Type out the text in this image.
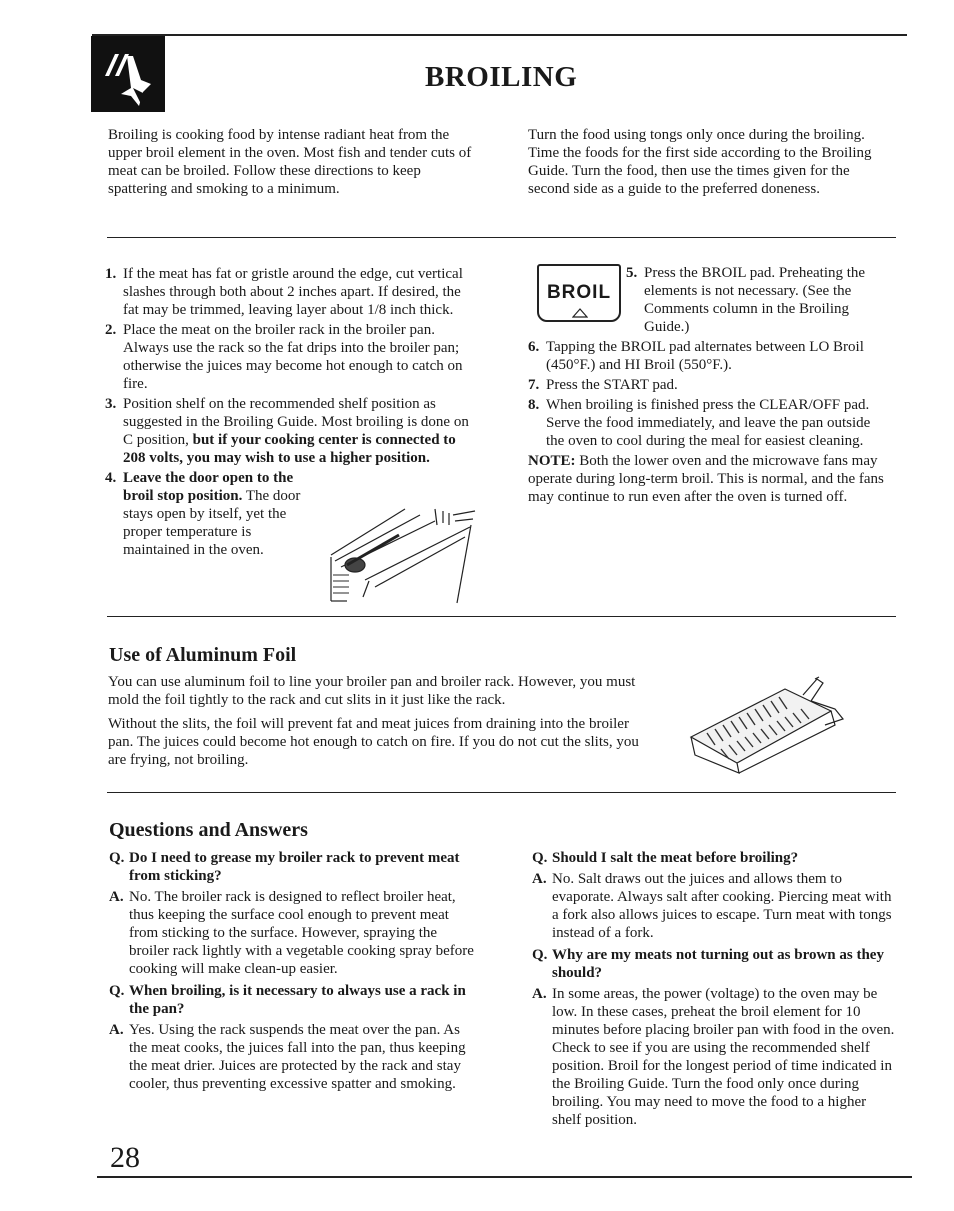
BROILING

Broiling is cooking food by intense radiant heat from the upper broil element in the oven. Most fish and tender cuts of meat can be broiled. Follow these directions to keep spattering and smoking to a minimum.

Turn the food using tongs only once during the broiling. Time the foods for the first side according to the Broiling Guide. Turn the food, then use the times given for the second side as a guide to the preferred doneness.

1. If the meat has fat or gristle around the edge, cut vertical slashes through both about 2 inches apart. If desired, the fat may be trimmed, leaving layer about 1/8 inch thick.
2. Place the meat on the broiler rack in the broiler pan. Always use the rack so the fat drips into the broiler pan; otherwise the juices may become hot enough to catch on fire.
3. Position shelf on the recommended shelf position as suggested in the Broiling Guide. Most broiling is done on C position, but if your cooking center is connected to 208 volts, you may wish to use a higher position.
4. Leave the door open to the broil stop position. The door stays open by itself, yet the proper temperature is maintained in the oven.
BROIL
5. Press the BROIL pad. Preheating the elements is not necessary. (See the Comments column in the Broiling Guide.)
6. Tapping the BROIL pad alternates between LO Broil (450°F.) and HI Broil (550°F.).
7. Press the START pad.
8. When broiling is finished press the CLEAR/OFF pad. Serve the food immediately, and leave the pan outside the oven to cool during the meal for easiest cleaning.

NOTE: Both the lower oven and the microwave fans may operate during long-term broil. This is normal, and the fans may continue to run even after the oven is turned off.

Use of Aluminum Foil

You can use aluminum foil to line your broiler pan and broiler rack. However, you must mold the foil tightly to the rack and cut slits in it just like the rack.

Without the slits, the foil will prevent fat and meat juices from draining into the broiler pan. The juices could become hot enough to catch on fire. If you do not cut the slits, you are frying, not broiling.

Questions and Answers
Q. Do I need to grease my broiler rack to prevent meat from sticking?
A. No. The broiler rack is designed to reflect broiler heat, thus keeping the surface cool enough to prevent meat from sticking to the surface. However, spraying the broiler rack lightly with a vegetable cooking spray before cooking will make clean-up easier.
Q. When broiling, is it necessary to always use a rack in the pan?
A. Yes. Using the rack suspends the meat over the pan. As the meat cooks, the juices fall into the pan, thus keeping the meat drier. Juices are protected by the rack and stay cooler, thus preventing excessive spatter and smoking.
Q. Should I salt the meat before broiling?
A. No. Salt draws out the juices and allows them to evaporate. Always salt after cooking. Piercing meat with a fork also allows juices to escape. Turn meat with tongs instead of a fork.
Q. Why are my meats not turning out as brown as they should?
A. In some areas, the power (voltage) to the oven may be low. In these cases, preheat the broil element for 10 minutes before placing broiler pan with food in the oven. Check to see if you are using the recommended shelf position. Broil for the longest period of time indicated in the Broiling Guide. Turn the food only once during broiling. You may need to move the food to a higher shelf position.
28
